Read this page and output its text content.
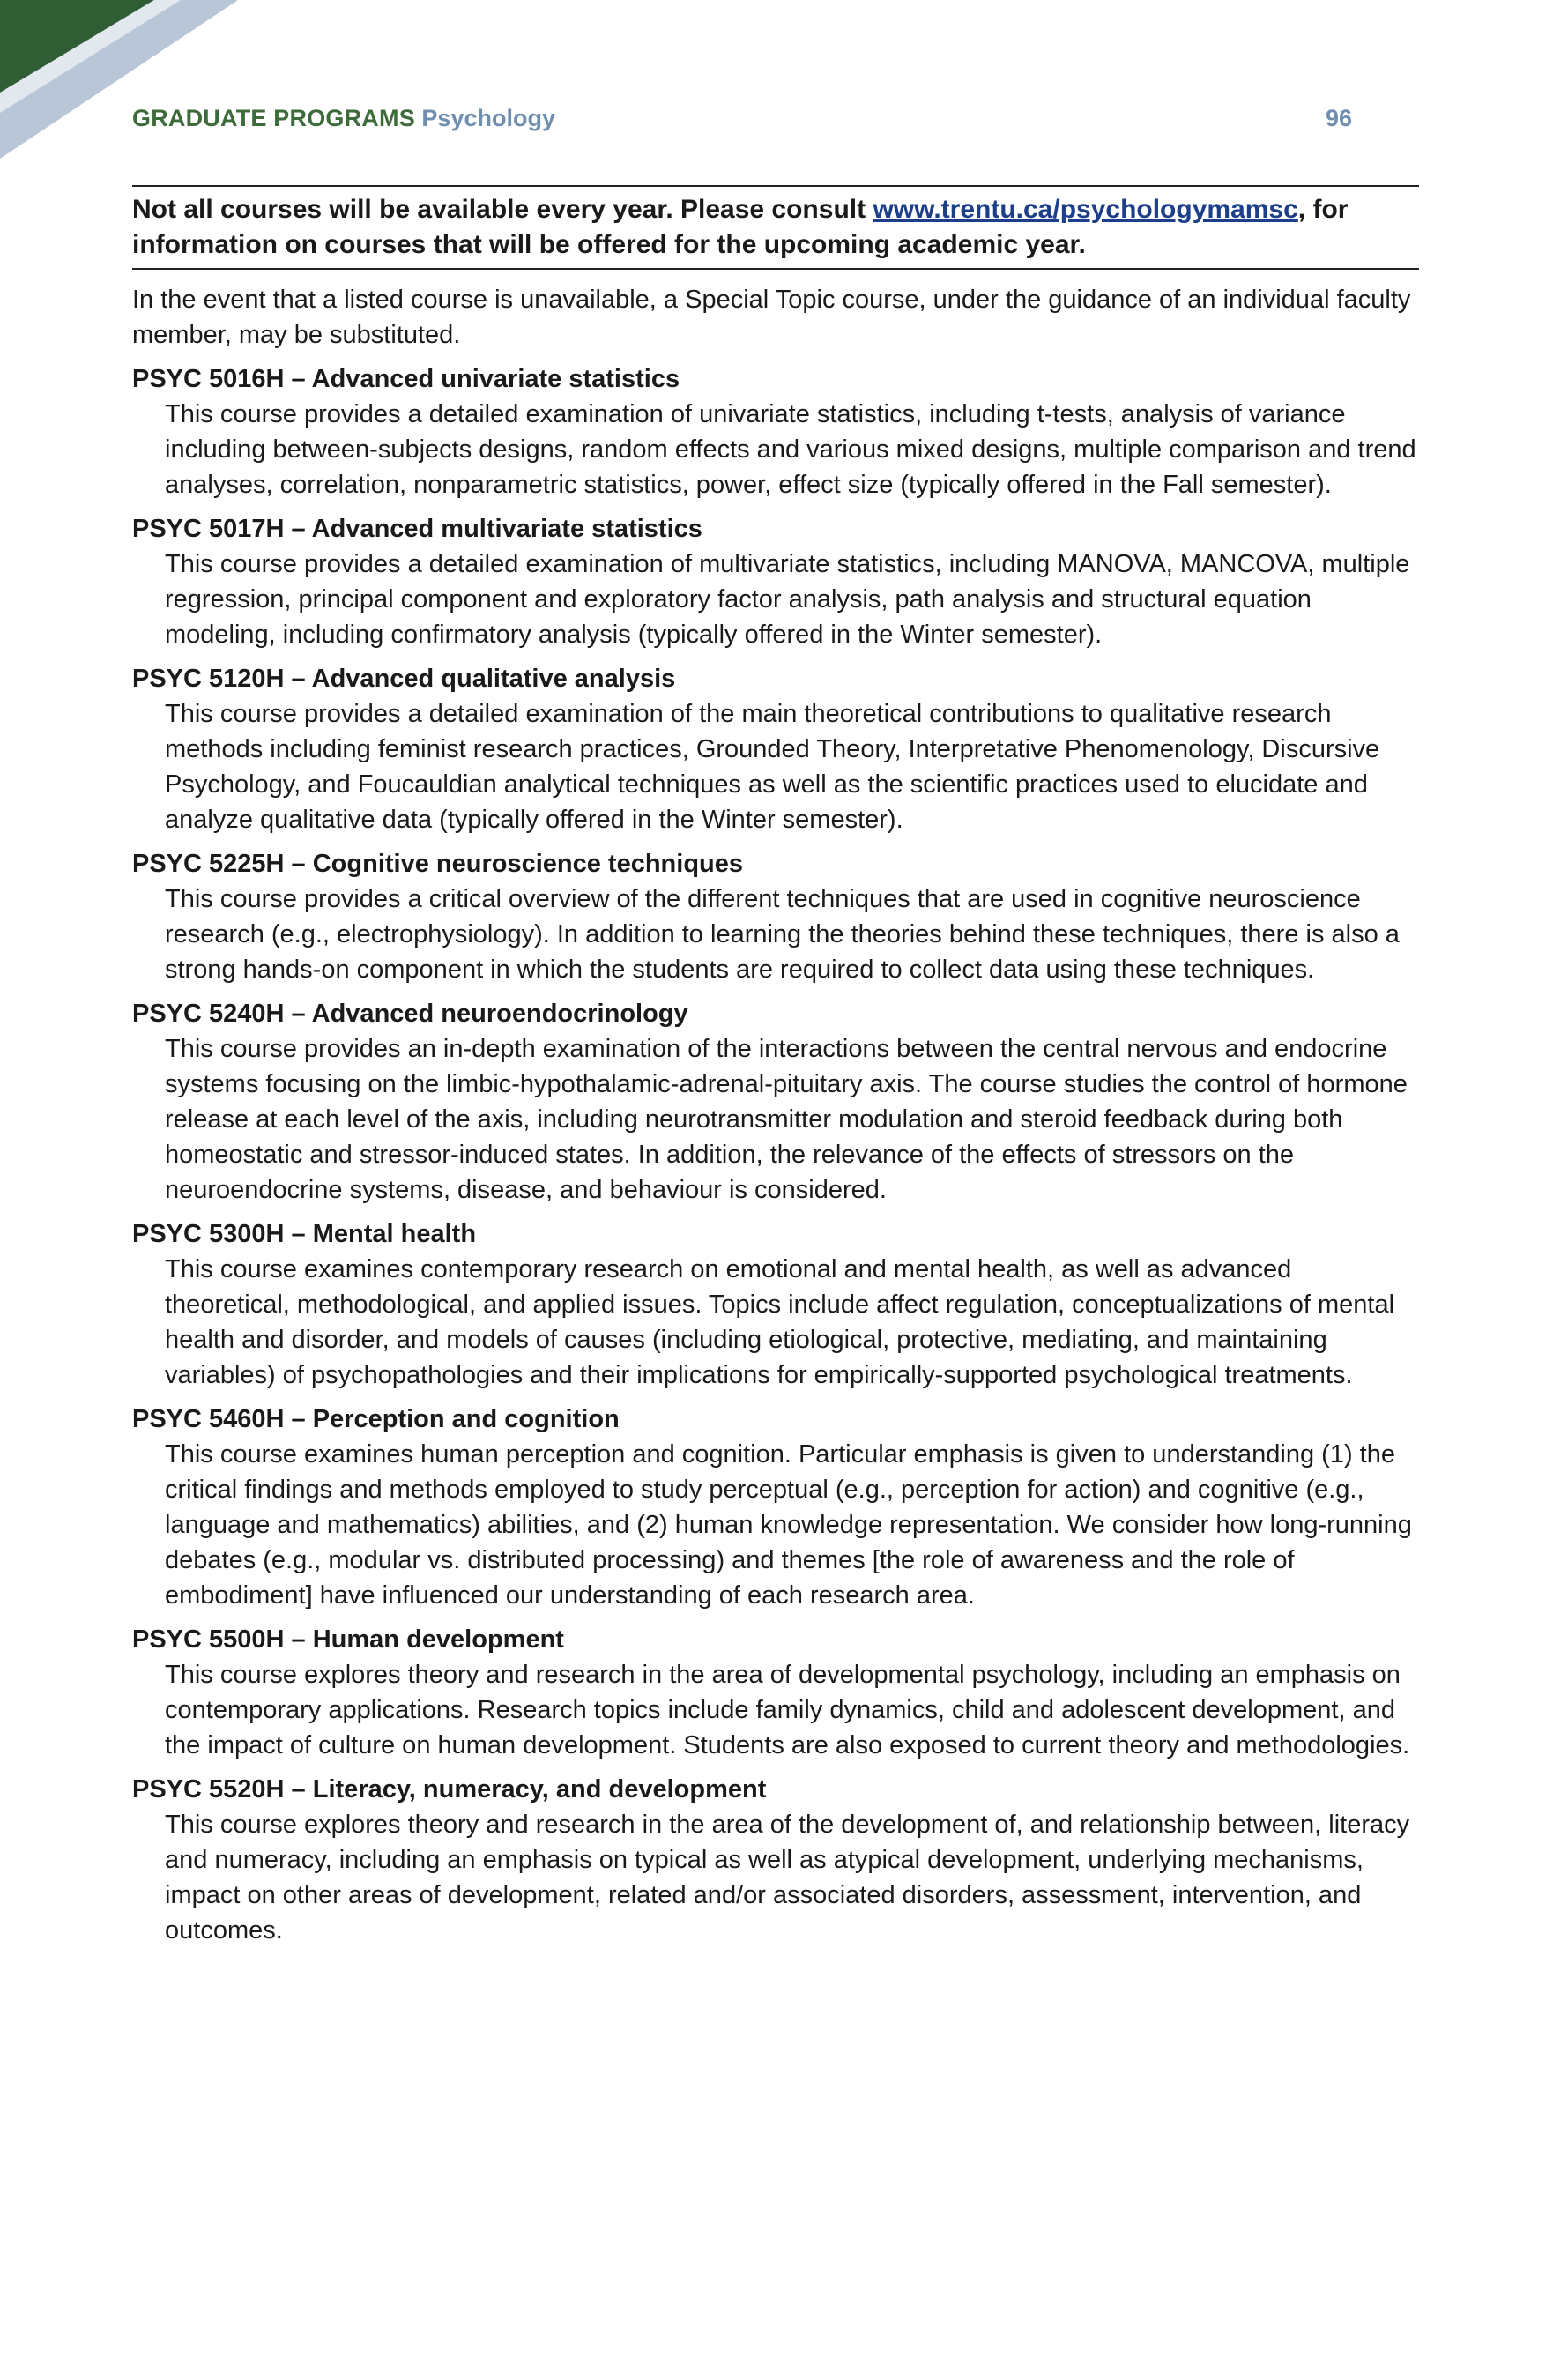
GRADUATE PROGRAMS Psychology	96
Not all courses will be available every year. Please consult www.trentu.ca/psychologymamsc, for information on courses that will be offered for the upcoming academic year.
In the event that a listed course is unavailable, a Special Topic course, under the guidance of an individual faculty member, may be substituted.
PSYC 5016H – Advanced univariate statistics
This course provides a detailed examination of univariate statistics, including t-tests, analysis of variance including between-subjects designs, random effects and various mixed designs, multiple comparison and trend analyses, correlation, nonparametric statistics, power, effect size (typically offered in the Fall semester).
PSYC 5017H – Advanced multivariate statistics
This course provides a detailed examination of multivariate statistics, including MANOVA, MANCOVA, multiple regression, principal component and exploratory factor analysis, path analysis and structural equation modeling, including confirmatory analysis (typically offered in the Winter semester).
PSYC 5120H – Advanced qualitative analysis
This course provides a detailed examination of the main theoretical contributions to qualitative research methods including feminist research practices, Grounded Theory, Interpretative Phenomenology, Discursive Psychology, and Foucauldian analytical techniques as well as the scientific practices used to elucidate and analyze qualitative data (typically offered in the Winter semester).
PSYC 5225H – Cognitive neuroscience techniques
This course provides a critical overview of the different techniques that are used in cognitive neuroscience research (e.g., electrophysiology). In addition to learning the theories behind these techniques, there is also a strong hands-on component in which the students are required to collect data using these techniques.
PSYC 5240H – Advanced neuroendocrinology
This course provides an in-depth examination of the interactions between the central nervous and endocrine systems focusing on the limbic-hypothalamic-adrenal-pituitary axis. The course studies the control of hormone release at each level of the axis, including neurotransmitter modulation and steroid feedback during both homeostatic and stressor-induced states. In addition, the relevance of the effects of stressors on the neuroendocrine systems, disease, and behaviour is considered.
PSYC 5300H – Mental health
This course examines contemporary research on emotional and mental health, as well as advanced theoretical, methodological, and applied issues. Topics include affect regulation, conceptualizations of mental health and disorder, and models of causes (including etiological, protective, mediating, and maintaining variables) of psychopathologies and their implications for empirically-supported psychological treatments.
PSYC 5460H – Perception and cognition
This course examines human perception and cognition. Particular emphasis is given to understanding (1) the critical findings and methods employed to study perceptual (e.g., perception for action) and cognitive (e.g., language and mathematics) abilities, and (2) human knowledge representation. We consider how long-running debates (e.g., modular vs. distributed processing) and themes [the role of awareness and the role of embodiment] have influenced our understanding of each research area.
PSYC 5500H – Human development
This course explores theory and research in the area of developmental psychology, including an emphasis on contemporary applications. Research topics include family dynamics, child and adolescent development, and the impact of culture on human development. Students are also exposed to current theory and methodologies.
PSYC 5520H – Literacy, numeracy, and development
This course explores theory and research in the area of the development of, and relationship between, literacy and numeracy, including an emphasis on typical as well as atypical development, underlying mechanisms, impact on other areas of development, related and/or associated disorders, assessment, intervention, and outcomes.
